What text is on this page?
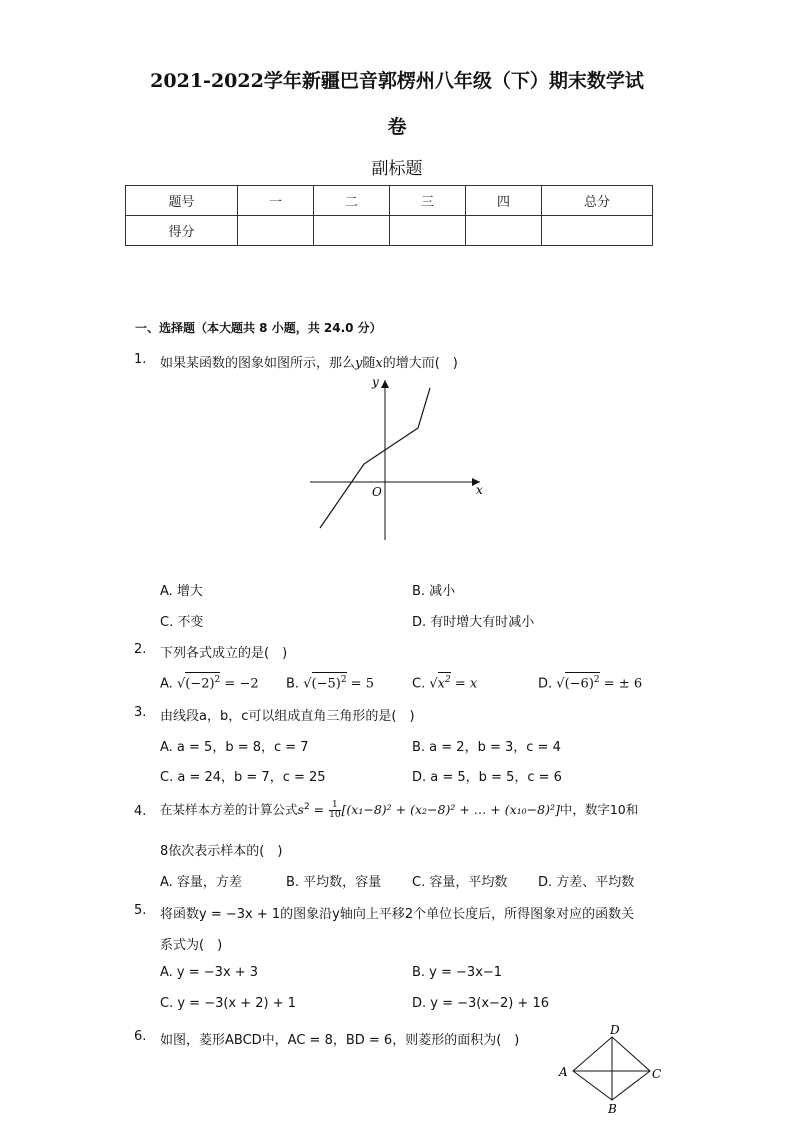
2021-2022学年新疆巴音郭楞州八年级（下）期末数学试
卷
副标题
题号	一	二	三	四	总分
得分					
一、选择题（本大题共 8 小题，共 24.0 分）
1. 如果某函数的图象如图所示，那么y随x的增大而(　)
x
y
O
A. 增大	B. 减小
C. 不变	D. 有时增大有时减小
2. 下列各式成立的是(　)
A. $√(-2)^2 = -2$ B. $√(-5)^2 = 5$	C. $√x^2 = x$	D. $√(-6)^2$ = ± 6
3. 由线段a，b，c可以组成直角三角形的是(　)
A. a = 5，b = 8，c = 7	B. a = 2，b = 3，c = 4
C. a = 24，b = 7，c = 25	D. a = 5，b = 5，c = 6
4. 在某样本方差的计算公式$s^2 = \frac{1}{10} [(x_1-8)^2 + (x_2-8)^2$ + … + (x₁₀−8)²]中，数字10和
8依次表示样本的(　)
A. 容量，方差	B. 平均数，容量 C. 容量，平均数 D. 方差、平均数
5. 将函数y = −3x + 1的图象沿y轴向上平移2个单位长度后，所得图象对应的函数关
系式为(　)
A. y = −3x + 3	B. y = −3x−1
C. y = −3(x + 2) + 1	D. y = −3(x−2) + 16
6. 如图，菱形ABCD中，AC = 8，BD = 6，则菱形的面积为(　)
A
B
C
D
